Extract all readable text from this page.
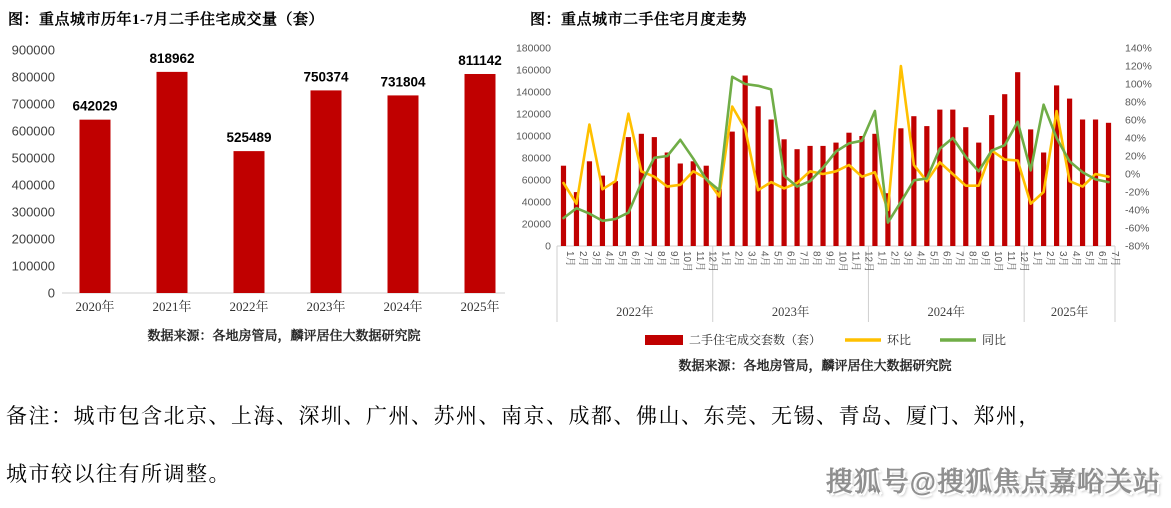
图：重点城市历年1-7月二手住宅成交量（套）	图：重点城市二手住宅月度走势
0
100000
200000
300000
400000
500000
600000
700000
800000
900000
642029
2020年
818962
2021年
525489
2022年
750374
2023年
731804
2024年
811142
2025年
数据来源：各地房管局，麟评居住大数据研究院
0
20000
40000
60000
80000
100000
120000
140000
160000
180000
-80%
-60%
-40%
-20%
0%
20%
40%
60%
80%
100%
120%
140%
1月 2月 3月 4月 5月 6月 7月 8月 9月 10月 11月 12月
2022年
1月 2月 3月 4月 5月 6月 7月 8月 9月 10月 11月 12月
2023年
1月 2月 3月 4月 5月 6月 7月 8月 9月 10月 11月 12月
2024年
1月 2月 3月 4月 5月 6月 7月
2025年
二手住宅成交套数（套）	环比	同比
数据来源：各地房管局，麟评居住大数据研究院
备注：城市包含北京、上海、深圳、广州、苏州、南京、成都、佛山、东莞、无锡、青岛、厦门、郑州，
城市较以往有所调整。	搜狐号@搜狐焦点嘉峪关站
